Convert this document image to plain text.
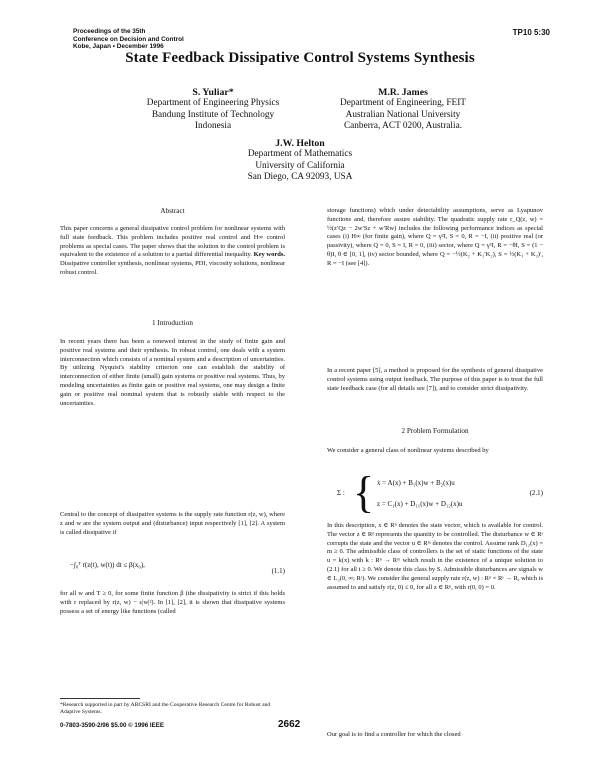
Proceedings of the 35th
Conference on Decision and Control
Kobe, Japan • December 1996
TP10 5:30
State Feedback Dissipative Control Systems Synthesis
S. Yuliar*
Department of Engineering Physics
Bandung Institute of Technology
Indonesia
M.R. James
Department of Engineering, FEIT
Australian National University
Canberra, ACT 0200, Australia.
J.W. Helton
Department of Mathematics
University of California
San Diego, CA 92093, USA
Abstract

This paper concerns a general dissipative control problem for nonlinear systems with full state feedback. This problem includes positive real control and H∞ control problems as special cases. The paper shows that the solution to the control problem is equivalent to the existence of a solution to a partial differential inequality. Key words. Dissipative controller synthesis, nonlinear systems, PDI, viscosity solutions, nonlinear robust control.

1 Introduction

In recent years there has been a renewed interest in the study of finite gain and positive real systems and their synthesis. In robust control, one deals with a system interconnection which consists of a nominal system and a description of uncertainties. By utilizing Nyquist's stability criterion one can establish the stability of interconnection of either finite (small) gain systems or positive real systems. Thus, by modeling uncertainties as finite gain or positive real systems, one may design a finite gain or positive real nominal system that is robustly stable with respect to the uncertainties.

Central to the concept of dissipative systems is the supply rate function r(z, w), where z and w are the system output and (disturbance) input respectively [1], [2]. A system is called dissipative if

−∫₀ᵀ r(z(t), w(t)) dt ≤ β(x₀),
(1.1)

for all w and T ≥ 0, for some finite function β (the dissipativity is strict if this holds with r replaced by r(z, w) − ε|w|²). In [1], [2], it is shown that dissipative systems possess a set of energy like functions (called

*Research supported in part by ARCSRI and the Cooperative Research Centre for Robust and Adaptive Systems.
0-7803-3590-2/96 $5.00 © 1996 IEEE	2662

storage functions) which under detectability assumptions, serve as Lyapunov functions and, therefore assure stability. The quadratic supply rate r_Q(z, w) = ½(z′Qz − 2w′Sz + w′Rw) includes the following performance indices as special cases (i) H∞ (for finite gain), where Q = γ²I, S = 0, R = −I, (ii) positive real (or passivity), where Q = 0, S = I, R = 0, (iii) sector, where Q = γ²I, R = −θI, S = (1 − θ)I, θ ∈ [0, 1], (iv) sector bounded, where Q = −½(K₂ + K₁′K₂), S = ½(K₁ + K₂)′, R = −I (see [4]).

In a recent paper [5], a method is proposed for the synthesis of general dissipative control systems using output feedback. The purpose of this paper is to treat the full state feedback case (for all details see [7]), and to consider strict dissipativity.

2 Problem Formulation

We consider a general class of nonlinear systems described by

Σ : { ẋ = A(x) + B₁(x)w + B₂(x)u
z = C₁(x) + D₁₁(x)w + D₁₂(x)u
(2.1)

In this description, x ∈ Rⁿ denotes the state vector, which is available for control. The vector z ∈ Rᵖ represents the quantity to be controlled. The disturbance w ∈ Rˢ corrupts the state and the vector u ∈ Rᵐ denotes the control. Assume rank D₁₂(x) = m ≥ 0. The admissible class of controllers is the set of static functions of the state u = k(x) with k : Rⁿ → Rᵐ which result in the existence of a unique solution to (2.1) for all t ≥ 0. We denote this class by S. Admissible disturbances are signals w ∈ L₂(0, ∞; Rˢ). We consider the general supply rate r(z, w) : Rᵖ × Rˢ → R, which is assumed to and satisfy r(z, 0) ≤ 0, for all z ∈ Rᵖ, with r(0, 0) = 0.

Our goal is to find a controller for which the closed
